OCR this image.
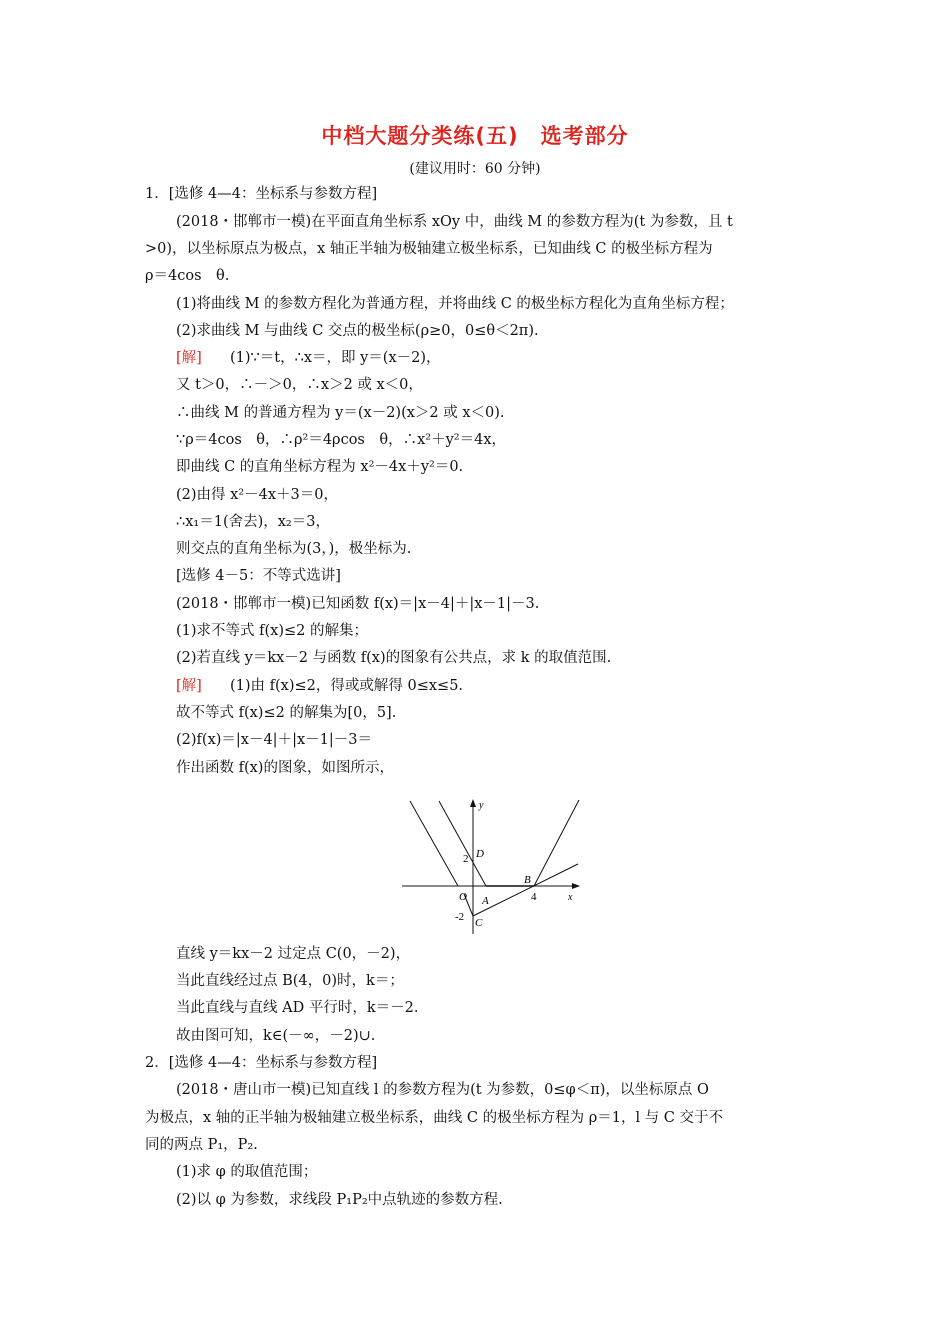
中档大题分类练(五)　选考部分
(建议用时：60 分钟)
1．[选修 4—4：坐标系与参数方程]
(2018・邯郸市一模)在平面直角坐标系 xOy 中，曲线 M 的参数方程为(t 为参数，且 t
>0)，以坐标原点为极点，x 轴正半轴为极轴建立极坐标系，已知曲线 C 的极坐标方程为
ρ＝4cos　θ.
(1)将曲线 M 的参数方程化为普通方程，并将曲线 C 的极坐标方程化为直角坐标方程；
(2)求曲线 M 与曲线 C 交点的极坐标(ρ≥0，0≤θ＜2π).
[解] (1)∵＝t，∴x＝，即 y＝(x－2)，
又 t＞0，∴－＞0，∴x＞2 或 x＜0，
∴曲线 M 的普通方程为 y＝(x－2)(x＞2 或 x＜0).
∵ρ＝4cos　θ，∴ρ²＝4ρcos　θ，∴x²＋y²＝4x，
即曲线 C 的直角坐标方程为 x²－4x＋y²＝0.
(2)由得 x²－4x＋3＝0，
∴x₁＝1(舍去)，x₂＝3，
则交点的直角坐标为(3，)，极坐标为.
[选修 4－5：不等式选讲]
(2018・邯郸市一模)已知函数 f(x)＝|x－4|＋|x－1|－3.
(1)求不等式 f(x)≤2 的解集；
(2)若直线 y＝kx－2 与函数 f(x)的图象有公共点，求 k 的取值范围.
[解] (1)由 f(x)≤2，得或或解得 0≤x≤5.
故不等式 f(x)≤2 的解集为[0，5].
(2)f(x)＝|x－4|＋|x－1|－3＝
作出函数 f(x)的图象，如图所示，
y
x
D
2
O A
B
4
-2 C
直线 y＝kx－2 过定点 C(0，－2)，
当此直线经过点 B(4，0)时，k＝；
当此直线与直线 AD 平行时，k＝－2.
故由图可知，k∈(－∞，－2)∪.
2．[选修 4—4：坐标系与参数方程]
(2018・唐山市一模)已知直线 l 的参数方程为(t 为参数，0≤φ＜π)，以坐标原点 O
为极点，x 轴的正半轴为极轴建立极坐标系，曲线 C 的极坐标方程为 ρ＝1，l 与 C 交于不
同的两点 P₁，P₂.
(1)求 φ 的取值范围；
(2)以 φ 为参数，求线段 P₁P₂中点轨迹的参数方程.
